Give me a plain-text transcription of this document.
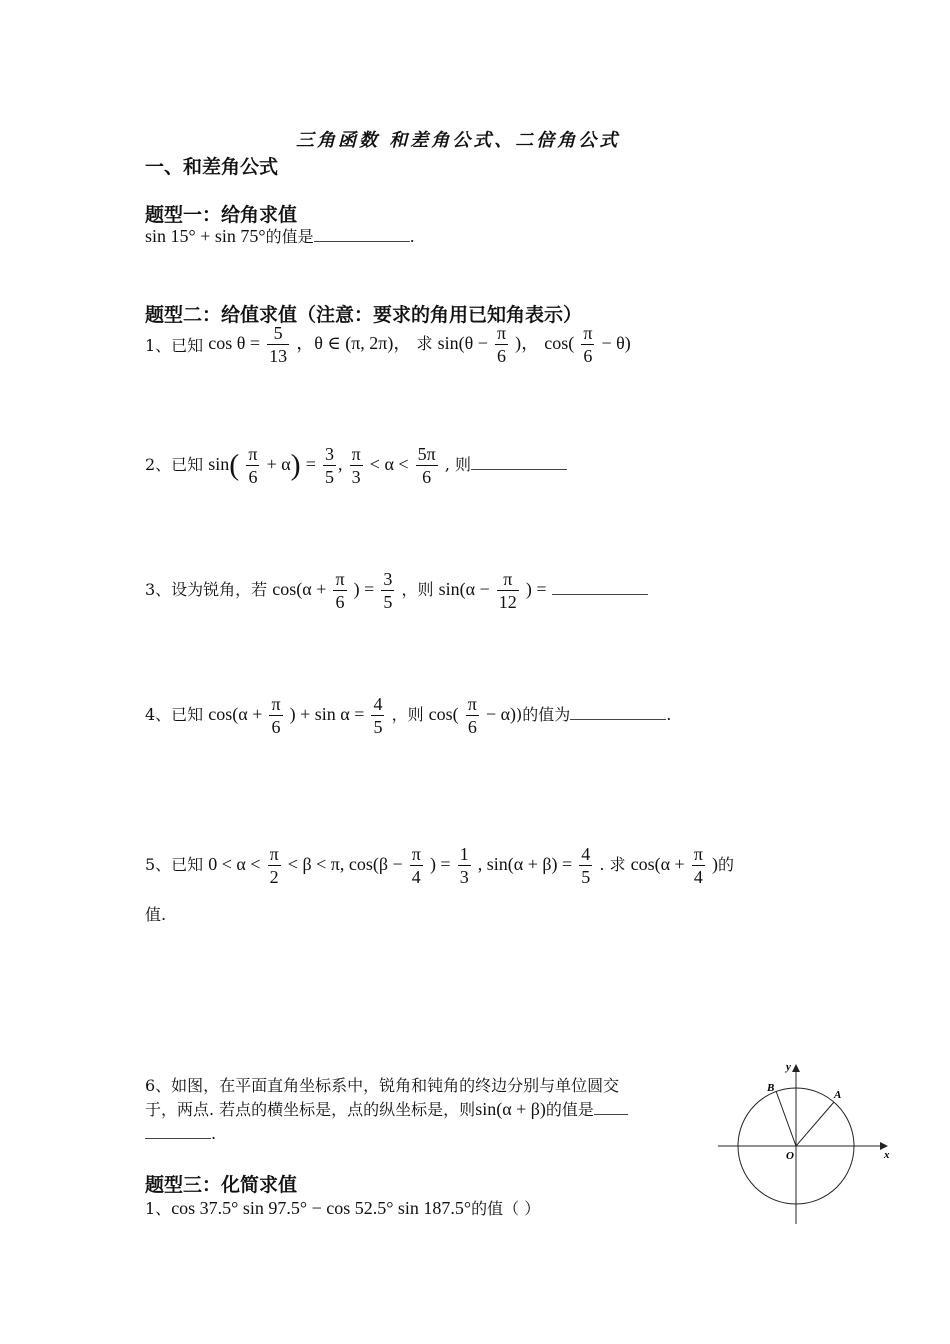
三角函数 和差角公式、二倍角公式
一、和差角公式
题型一：给角求值
sin 15° + sin 75°的值是	.
题型二：给值求值（注意：要求的角用已知角表示）
1、已知 $\cos \theta = \frac{5}{13}$ ，θ ∈ (π, 2π)， 求 $\sin(\theta - \frac{\pi}{6}$ )， $\cos( \frac{\pi}{6} - \theta)$
2、已知 $\sin( \frac{\pi}{6} + \alpha) = \frac{3}{5}$ , $\frac{\pi}{3} < \alpha < \frac{5\pi}{6}$ , 则
3、设为锐角，若 $\cos(\alpha + \frac{\pi}{6}$ ) = $\frac{3}{5}$ ，则 $\sin(\alpha - \frac{\pi}{12}$ ) =
4、已知 $\cos(\alpha + \frac{\pi}{6}$ ) + $\sin \alpha = \frac{4}{5}$ ，则 $\cos( \frac{\pi}{6} - \alpha)$)的值为	.
5、已知 $0 < \alpha < \frac{\pi}{2} < \beta < \pi$, $\cos(\beta - \frac{\pi}{4}$ ) = $\frac{1}{3}$ , $\sin(\alpha + \beta) = \frac{4}{5}$ . 求 $\cos(\alpha + \frac{\pi}{4}$ )的
值.
6、如图，在平面直角坐标系中，锐角和钝角的终边分别与单位圆交
于，两点. 若点的横坐标是，点的纵坐标是，则sin(α + β)的值是
.
x
y
O
A
B
题型三：化简求值
1、cos 37.5° sin 97.5° − cos 52.5° sin 187.5°的值（ ）
